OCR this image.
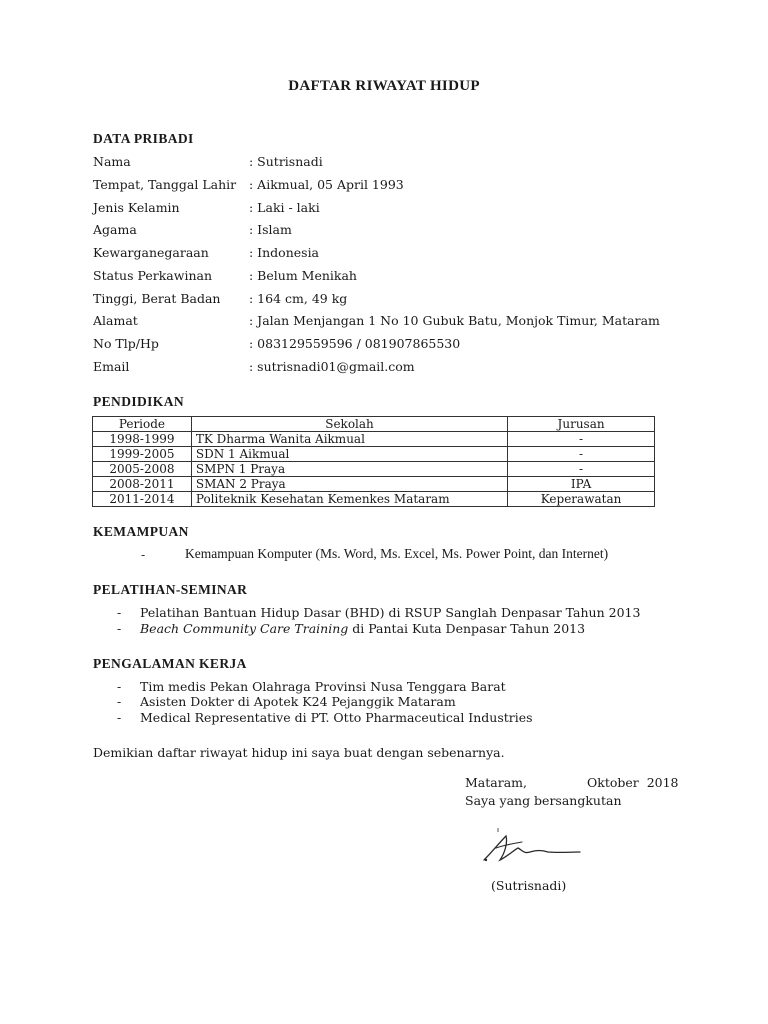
DAFTAR RIWAYAT HIDUP
DATA PRIBADI
Nama	: Sutrisnadi
Tempat, Tanggal Lahir : Aikmual, 05 April 1993
Jenis Kelamin	: Laki - laki
Agama	: Islam
Kewarganegaraan	: Indonesia
Status Perkawinan	: Belum Menikah
Tinggi, Berat Badan : 164 cm, 49 kg
Alamat	: Jalan Menjangan 1 No 10 Gubuk Batu, Monjok Timur, Mataram
No Tlp/Hp	: 083129559596 / 081907865530
Email	: sutrisnadi01@gmail.com
PENDIDIKAN
Periode	Sekolah	Jurusan
1998-1999	TK Dharma Wanita Aikmual	-
1999-2005	SDN 1 Aikmual	-
2005-2008	SMPN 1 Praya	-
2008-2011	SMAN 2 Praya	IPA
2011-2014	Politeknik Kesehatan Kemenkes Mataram	Keperawatan
KEMAMPUAN
-	Kemampuan Komputer (Ms. Word, Ms. Excel, Ms. Power Point, dan Internet)
PELATIHAN-SEMINAR
- Pelatihan Bantuan Hidup Dasar (BHD) di RSUP Sanglah Denpasar Tahun 2013
- Beach Community Care Training di Pantai Kuta Denpasar Tahun 2013
PENGALAMAN KERJA
- Tim medis Pekan Olahraga Provinsi Nusa Tenggara Barat
- Asisten Dokter di Apotek K24 Pejanggik Mataram
- Medical Representative di PT. Otto Pharmaceutical Industries
Demikian daftar riwayat hidup ini saya buat dengan sebenarnya.
Mataram,	Oktober  2018
Saya yang bersangkutan
(Sutrisnadi)
